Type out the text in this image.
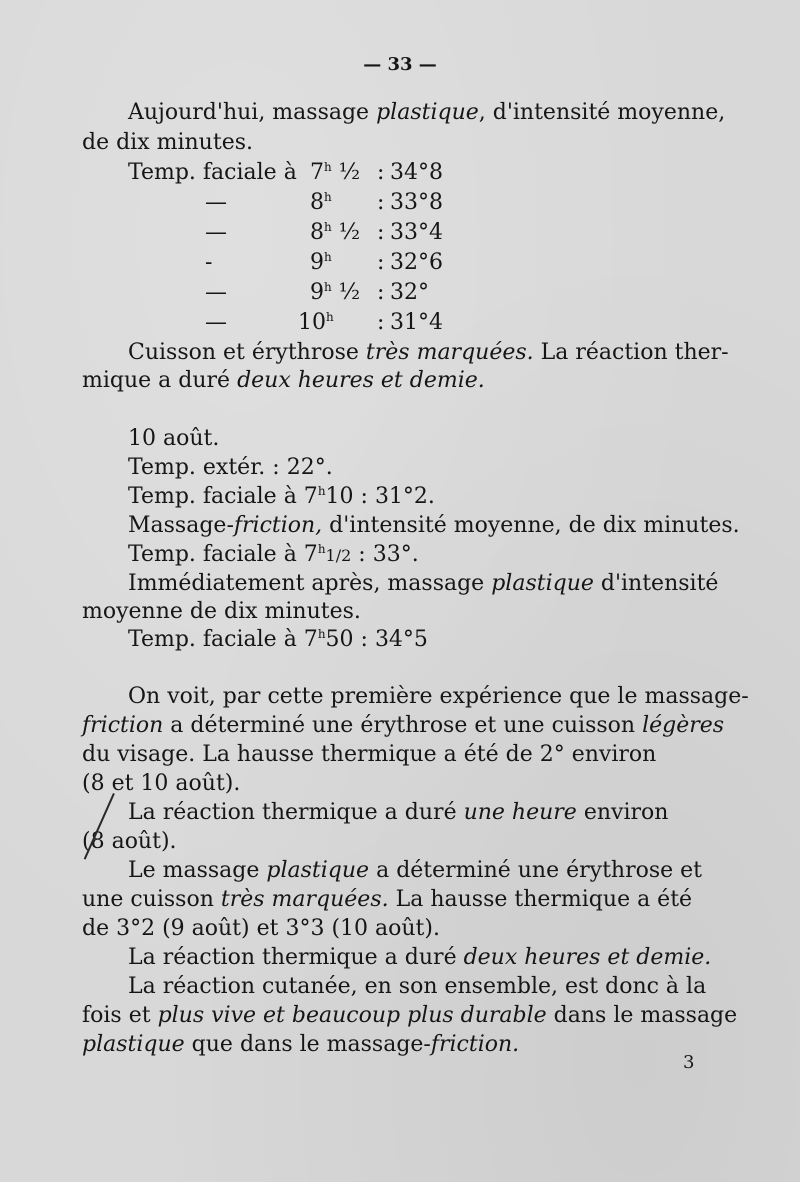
— 33 —
Aujourd'hui, massage plastique, d'intensité moyenne,
de dix minutes.
Temp. faciale à 7$^h$ ½ : 34°8
—	8$^h$ : 33°8
—	8$^h$ ½ : 33°4
-	9$^h$ : 32°6
—	9$^h$ ½ : 32°
—	10$^h$ : 31°4
Cuisson et érythrose très marquées. La réaction ther-
mique a duré deux heures et demie.
10 août.
Temp. extér. : 22°.
Temp. faciale à 7$^h$10 : 31°2.
Massage-friction, d'intensité moyenne, de dix minutes.
Temp. faciale à 7$^h$1/2 : 33°.
Immédiatement après, massage plastique d'intensité
moyenne de dix minutes.
Temp. faciale à 7$^h$50 : 34°5
On voit, par cette première expérience que le massage-
friction a déterminé une érythrose et une cuisson légères
du visage. La hausse thermique a été de 2° environ
(8 et 10 août).
La réaction thermique a duré une heure environ
(8 août).
Le massage plastique a déterminé une érythrose et
une cuisson très marquées. La hausse thermique a été
de 3°2 (9 août) et 3°3 (10 août).
La réaction thermique a duré deux heures et demie.
La réaction cutanée, en son ensemble, est donc à la
fois et plus vive et beaucoup plus durable dans le massage
plastique que dans le massage-friction.
3
